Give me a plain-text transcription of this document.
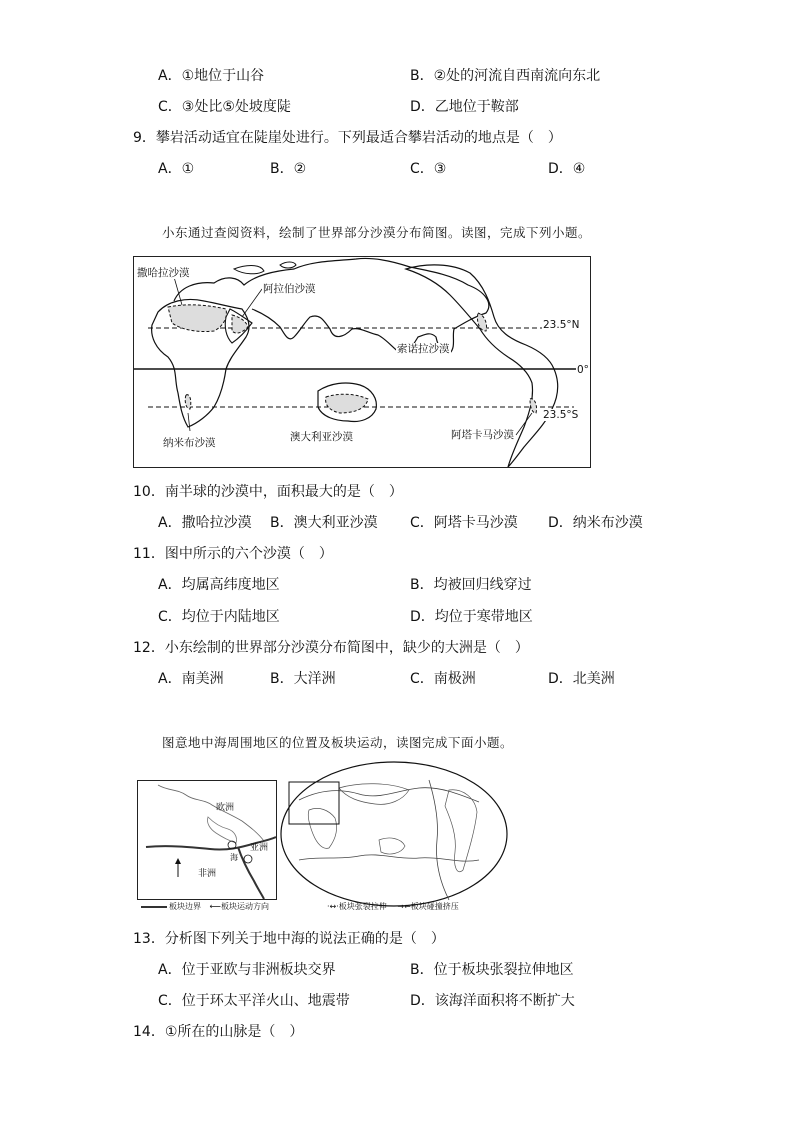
A．①地位于山谷	B．②处的河流自西南流向东北
C．③处比⑤处坡度陡	D．乙地位于鞍部
9．攀岩活动适宜在陡崖处进行。下列最适合攀岩活动的地点是（　）
A．①	B．②	C．③	D．④
小东通过查阅资料，绘制了世界部分沙漠分布简图。读图，完成下列小题。
撒哈拉沙漠
阿拉伯沙漠
索诺拉沙漠
23.5°N
0°
23.5°S
纳米布沙漠	澳大利亚沙漠	阿塔卡马沙漠
10．南半球的沙漠中，面积最大的是（　）
A．撒哈拉沙漠 B．澳大利亚沙漠 C．阿塔卡马沙漠 D．纳米布沙漠
11．图中所示的六个沙漠（　）
A．均属高纬度地区	B．均被回归线穿过
C．均位于内陆地区	D．均位于寒带地区
12．小东绘制的世界部分沙漠分布简图中，缺少的大洲是（　）
A．南美洲	B．大洋洲	C．南极洲	D．北美洲
图意地中海周围地区的位置及板块运动，读图完成下面小题。
欧洲
亚洲
非洲
海
板块边界 ⟵板块运动方向	·↔·板块张裂拉伸 →←板块碰撞挤压
13．分析图下列关于地中海的说法正确的是（　）
A．位于亚欧与非洲板块交界	B．位于板块张裂拉伸地区
C．位于环太平洋火山、地震带	D．该海洋面积将不断扩大
14．①所在的山脉是（　）
